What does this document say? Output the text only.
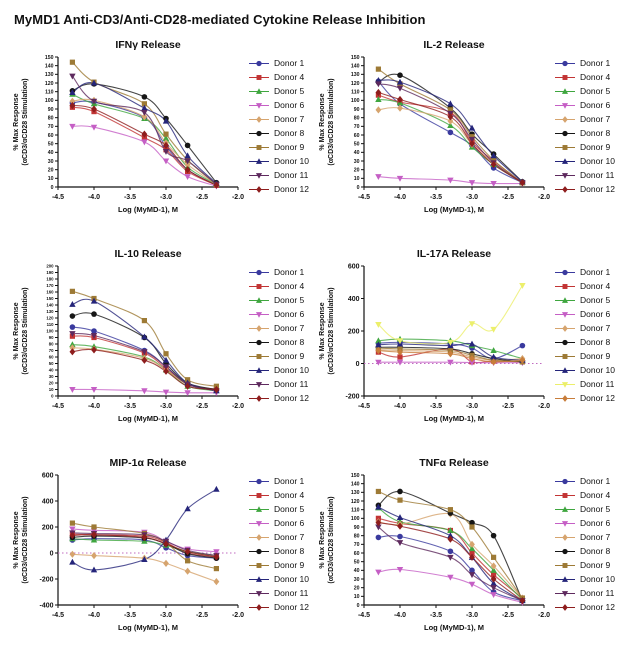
MyMD1 Anti-CD3/Anti-CD28-mediated Cytokine Release Inhibition
IFNγ Release
% Max Response (αCD3/αCD28 Stimulation)
0
10
20
30
40
50
60
70
80
90
100
110
120
130
140
150
-4.5	-4.0	-3.5	-3.0	-2.5	-2.0
Log (MyMD-1), M
Donor 1
Donor 4
Donor 5
Donor 6
Donor 7
Donor 8
Donor 9
Donor 10
Donor 11
Donor 12
IL-2 Release
% Max Response (αCD3/αCD28 Stimulation)
0
10
20
30
40
50
60
70
80
90
100
110
120
130
140
150
-4.5	-4.0	-3.5	-3.0	-2.5	-2.0
Log (MyMD-1), M
Donor 1
Donor 4
Donor 5
Donor 6
Donor 7
Donor 8
Donor 9
Donor 10
Donor 11
Donor 12
IL-10 Release
% Max Response (αCD3/αCD28 Stimulation)
0
10
20
30
40
50
60
70
80
90
100
110
120
130
140
150
160
170
180
190
200
-4.5	-4.0	-3.5	-3.0	-2.5	-2.0
Log (MyMD-1), M
Donor 1
Donor 4
Donor 5
Donor 6
Donor 7
Donor 8
Donor 9
Donor 10
Donor 11
Donor 12
IL-17A Release
% Max Response (αCD3/αCD28 Stimulation)
-200
0
200
400
600
-4.5	-4.0	-3.5	-3.0	-2.5	-2.0
Log (MyMD-1), M
Donor 1
Donor 4
Donor 5
Donor 6
Donor 7
Donor 8
Donor 9
Donor 10
Donor 11
Donor 12
MIP-1α Release
% Max Response (αCD3/αCD28 Stimulation)
-400
-200
0
200
400
600
-4.5	-4.0	-3.5	-3.0	-2.5	-2.0
Log (MyMD-1), M
Donor 1
Donor 4
Donor 5
Donor 6
Donor 7
Donor 8
Donor 9
Donor 10
Donor 11
Donor 12
TNFα Release
% Max Response (αCD3/αCD28 Stimulation)
0
10
20
30
40
50
60
70
80
90
100
110
120
130
140
150
-4.5	-4.0	-3.5	-3.0	-2.5	-2.0
Log (MyMD-1), M
Donor 1
Donor 4
Donor 5
Donor 6
Donor 7
Donor 8
Donor 9
Donor 10
Donor 11
Donor 12
